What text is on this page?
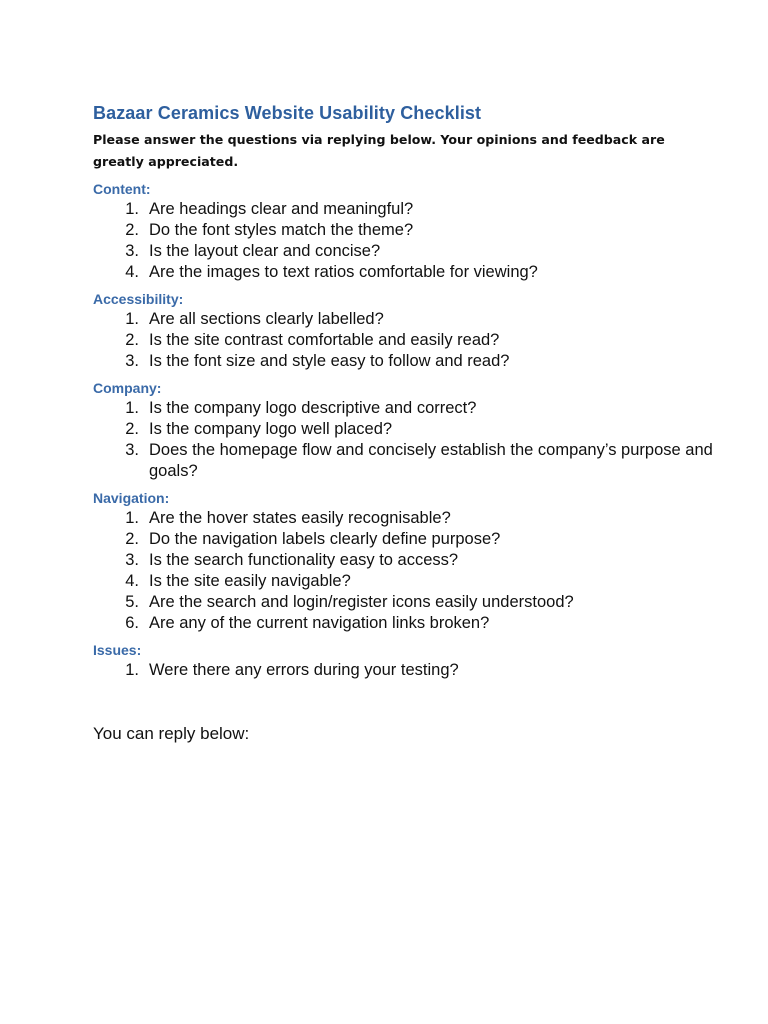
Bazaar Ceramics Website Usability Checklist

Please answer the questions via replying below. Your opinions and feedback are greatly appreciated.

Content:
1. Are headings clear and meaningful?
2. Do the font styles match the theme?
3. Is the layout clear and concise?
4. Are the images to text ratios comfortable for viewing?
Accessibility:
1. Are all sections clearly labelled?
2. Is the site contrast comfortable and easily read?
3. Is the font size and style easy to follow and read?
Company:
1. Is the company logo descriptive and correct?
2. Is the company logo well placed?
3. Does the homepage flow and concisely establish the company’s purpose and goals?
Navigation:
1. Are the hover states easily recognisable?
2. Do the navigation labels clearly define purpose?
3. Is the search functionality easy to access?
4. Is the site easily navigable?
5. Are the search and login/register icons easily understood?
6. Are any of the current navigation links broken?
Issues:
1. Were there any errors during your testing?

You can reply below:
